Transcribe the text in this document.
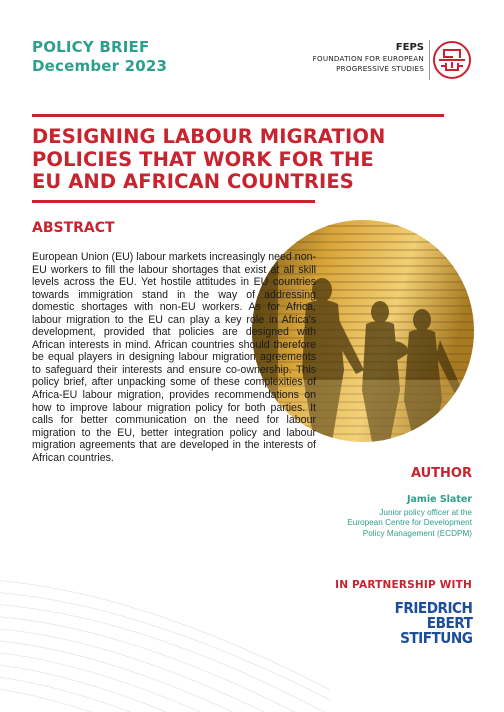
POLICY BRIEF
December 2023
FEPS
FOUNDATION FOR EUROPEAN
PROGRESSIVE STUDIES
DESIGNING LABOUR MIGRATION
POLICIES THAT WORK FOR THE
EU AND AFRICAN COUNTRIES
ABSTRACT

European Union (EU) labour markets increasingly need non-EU workers to fill the labour shortages that exist at all skill levels across the EU. Yet hostile attitudes in EU countries towards immigration stand in the way of addressing domestic shortages with non-EU workers. As for Africa, labour migration to the EU can play a key role in Africa's development, provided that policies are designed with African interests in mind. African countries should therefore be equal players in designing labour migration agreements to safeguard their interests and ensure co-ownership. This policy brief, after unpacking some of these complexities of Africa-EU labour migration, provides recommendations on how to improve labour migration policy for both parties. It calls for better communication on the need for labour migration to the EU, better integration policy and labour migration agreements that are developed in the interests of African countries.

AUTHOR
Jamie Slater
Junior policy officer at the
European Centre for Development
Policy Management (ECDPM)
IN PARTNERSHIP WITH
FRIEDRICH
EBERT
STIFTUNG
